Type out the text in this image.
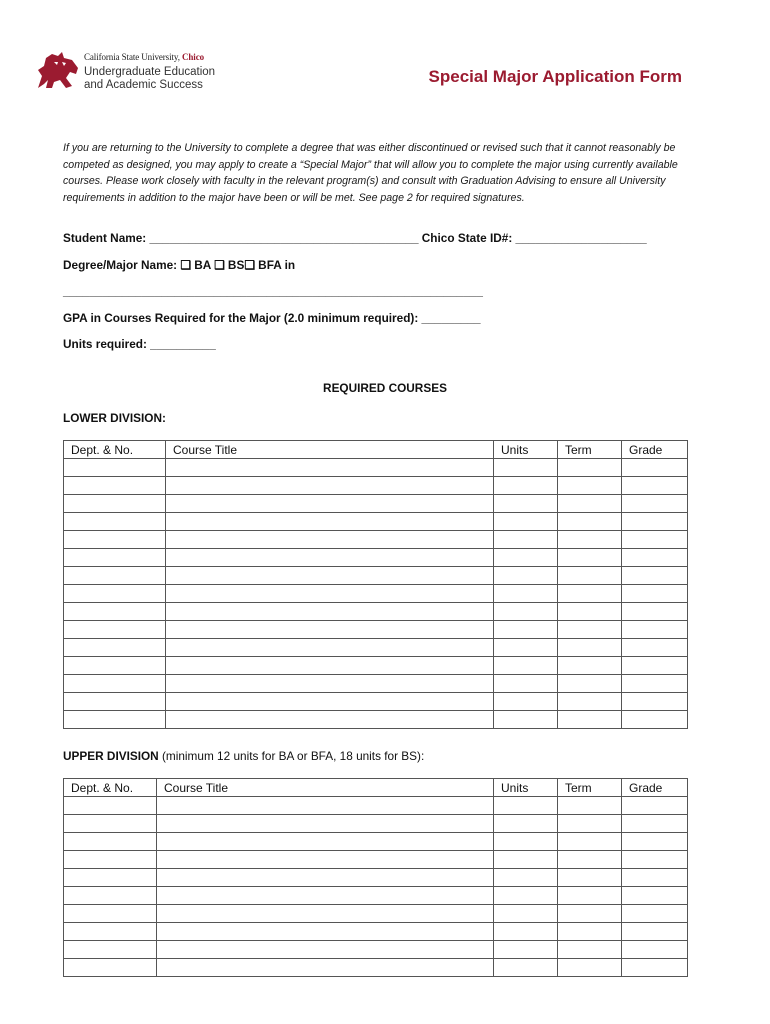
California State University, Chico
Undergraduate Education
and Academic Success	Special Major Application Form
If you are returning to the University to complete a degree that was either discontinued or revised such that it cannot reasonably be competed as designed, you may apply to create a “Special Major” that will allow you to complete the major using currently available courses. Please work closely with faculty in the relevant program(s) and consult with Graduation Advising to ensure all University requirements in addition to the major have been or will be met. See page 2 for required signatures.
Student Name: _________________________________________ Chico State ID#: ____________________
Degree/Major Name: ❑ BA ❑ BS❑ BFA in
________________________________________________________________
GPA in Courses Required for the Major (2.0 minimum required): _________
Units required: __________
REQUIRED COURSES
LOWER DIVISION:
Dept. & No.	Course Title	Units	Term	Grade

UPPER DIVISION (minimum 12 units for BA or BFA, 18 units for BS):
Dept. & No.	Course Title	Units	Term	Grade
